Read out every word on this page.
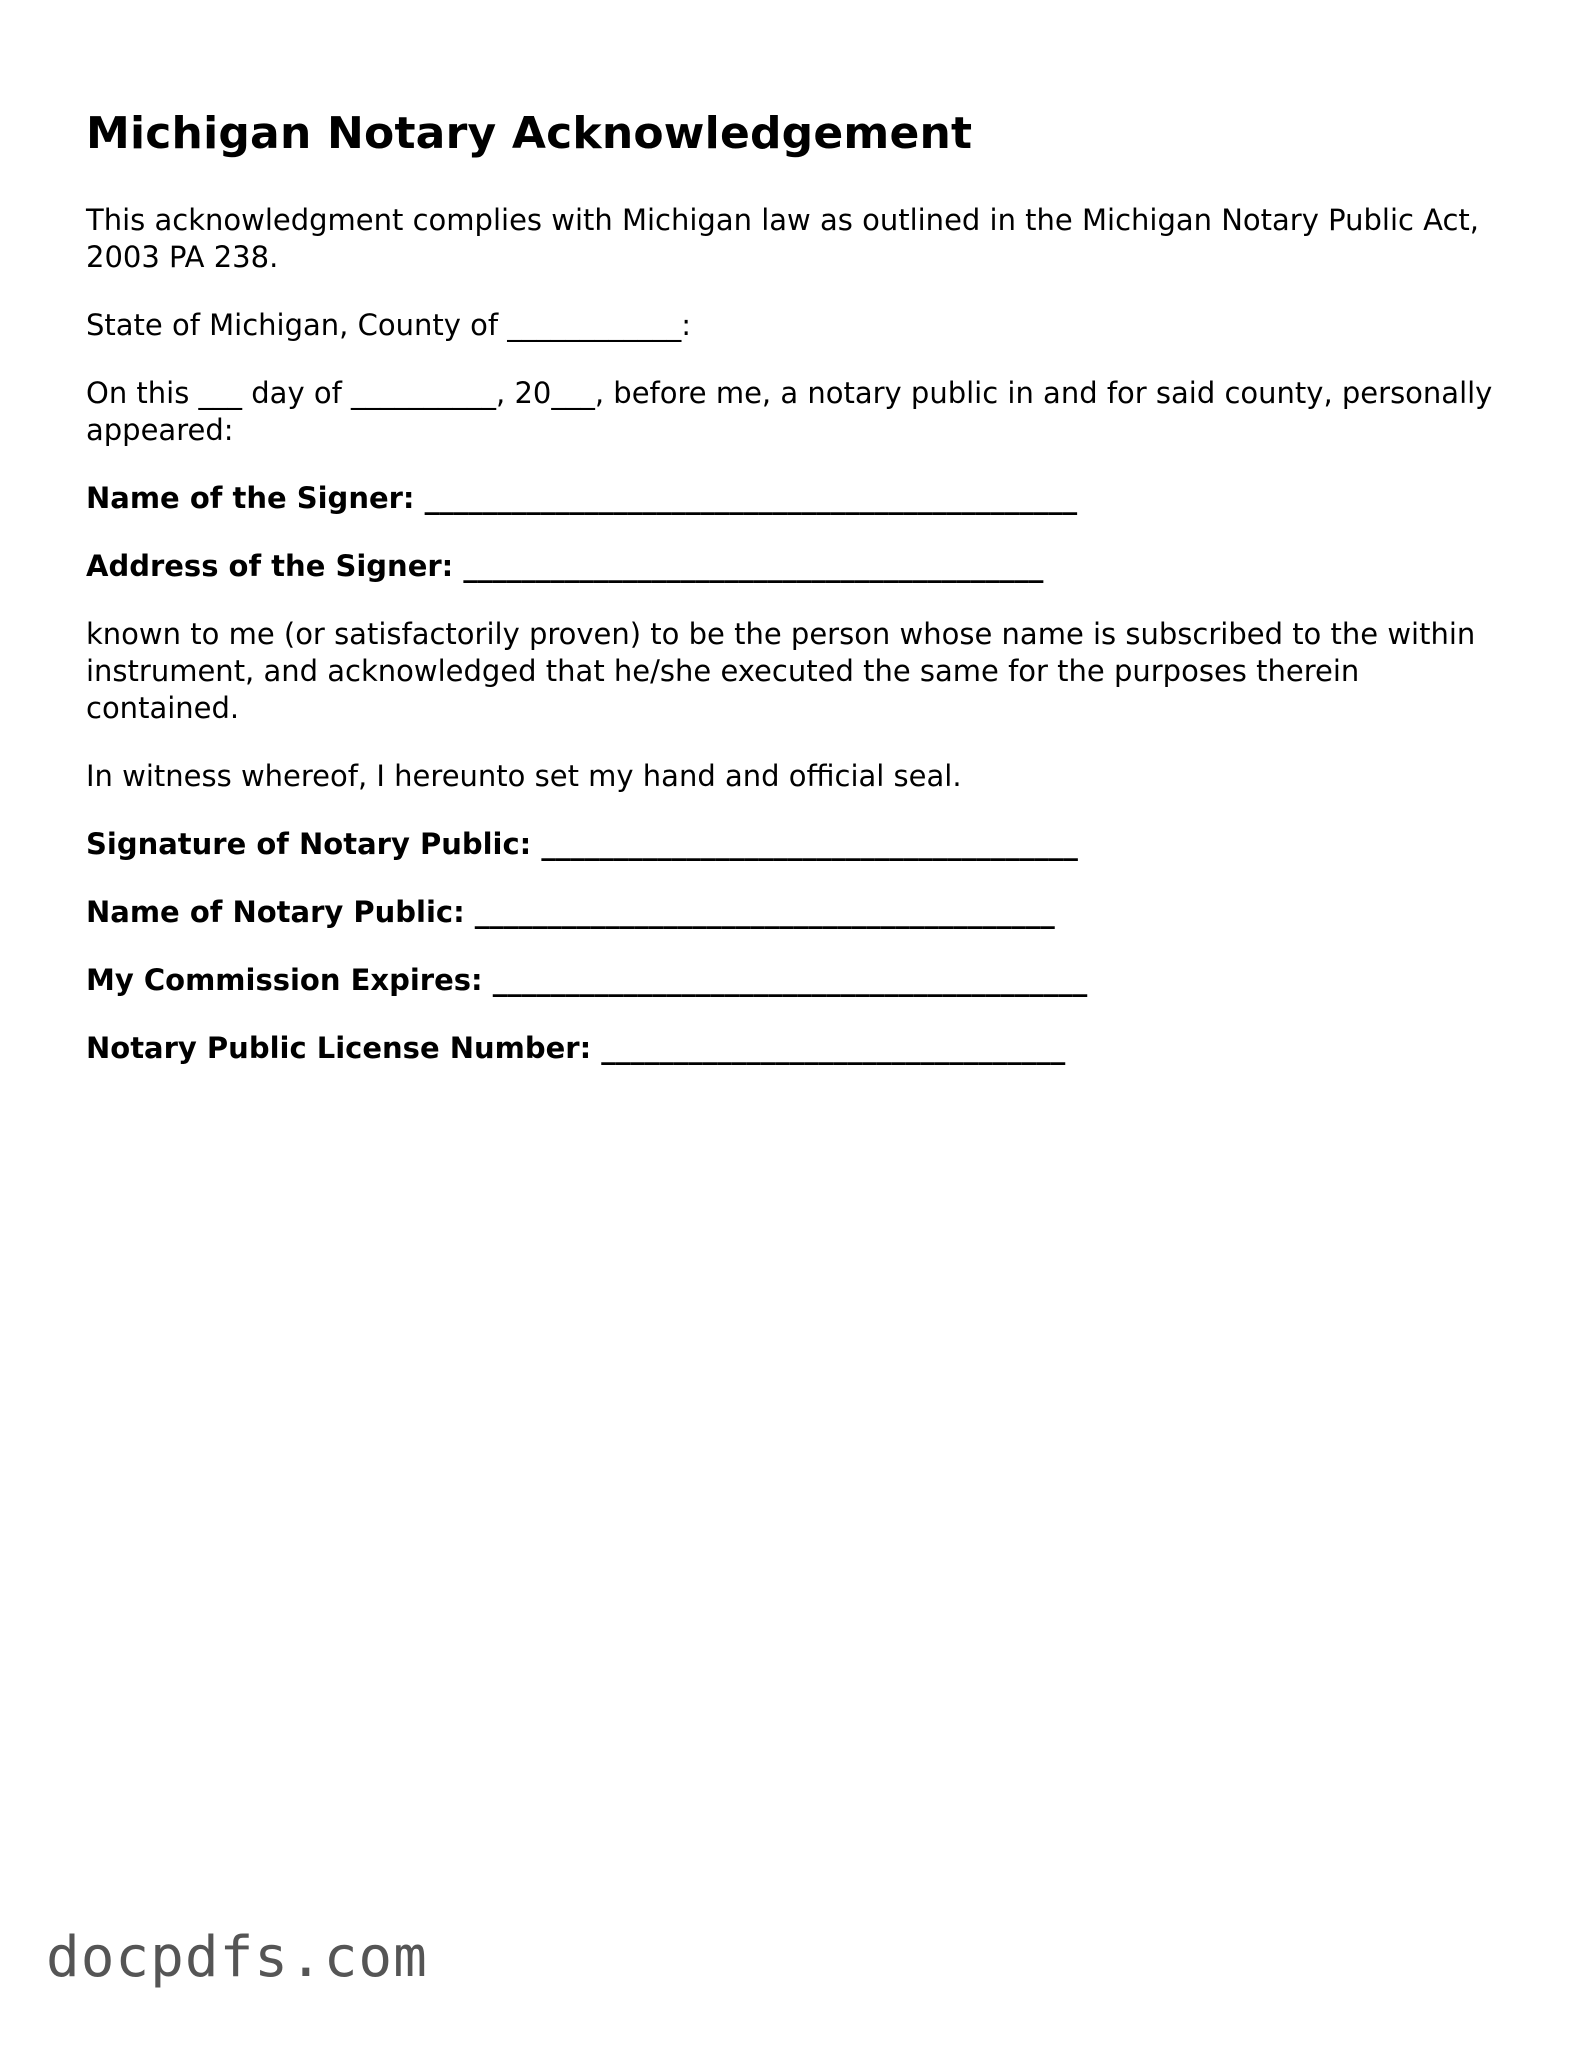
Michigan Notary Acknowledgement

This acknowledgment complies with Michigan law as outlined in the Michigan Notary Public Act, 2003 PA 238.

State of Michigan, County of ____________:

On this ___ day of __________, 20___, before me, a notary public in and for said county, personally appeared:

Name of the Signer: _____________________________________________
Address of the Signer: ________________________________________

known to me (or satisfactorily proven) to be the person whose name is subscribed to the within instrument, and acknowledged that he/she executed the same for the purposes therein contained.

In witness whereof, I hereunto set my hand and official seal.

Signature of Notary Public: _____________________________________
Name of Notary Public: ________________________________________
My Commission Expires: _________________________________________
Notary Public License Number: ________________________________
docpdfs.com
